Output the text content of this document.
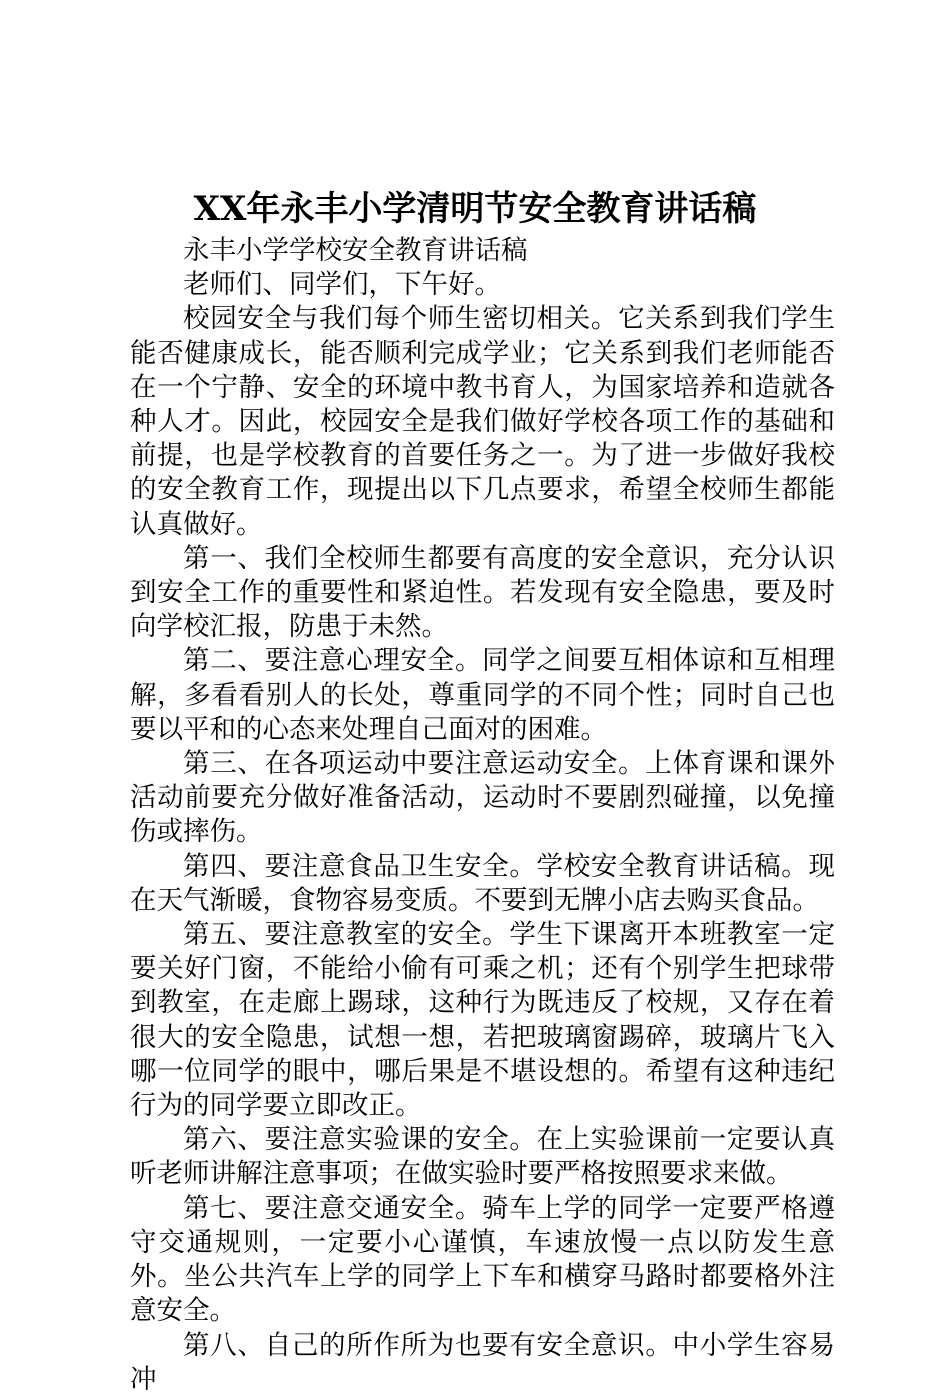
XX年永丰小学清明节安全教育讲话稿

永丰小学学校安全教育讲话稿

老师们、同学们，下午好。

校园安全与我们每个师生密切相关。它关系到我们学生能否健康成长，能否顺利完成学业；它关系到我们老师能否在一个宁静、安全的环境中教书育人，为国家培养和造就各种人才。因此，校园安全是我们做好学校各项工作的基础和前提，也是学校教育的首要任务之一。为了进一步做好我校的安全教育工作，现提出以下几点要求，希望全校师生都能认真做好。

第一、我们全校师生都要有高度的安全意识，充分认识到安全工作的重要性和紧迫性。若发现有安全隐患，要及时向学校汇报，防患于未然。

第二、要注意心理安全。同学之间要互相体谅和互相理解，多看看别人的长处，尊重同学的不同个性；同时自己也要以平和的心态来处理自己面对的困难。

第三、在各项运动中要注意运动安全。上体育课和课外活动前要充分做好准备活动，运动时不要剧烈碰撞，以免撞伤或摔伤。

第四、要注意食品卫生安全。学校安全教育讲话稿。现在天气渐暖，食物容易变质。不要到无牌小店去购买食品。

第五、要注意教室的安全。学生下课离开本班教室一定要关好门窗，不能给小偷有可乘之机；还有个别学生把球带到教室，在走廊上踢球，这种行为既违反了校规，又存在着很大的安全隐患，试想一想，若把玻璃窗踢碎，玻璃片飞入哪一位同学的眼中，哪后果是不堪设想的。希望有这种违纪行为的同学要立即改正。

第六、要注意实验课的安全。在上实验课前一定要认真听老师讲解注意事项；在做实验时要严格按照要求来做。

第七、要注意交通安全。骑车上学的同学一定要严格遵守交通规则，一定要小心谨慎，车速放慢一点以防发生意外。坐公共汽车上学的同学上下车和横穿马路时都要格外注意安全。

第八、自己的所作所为也要有安全意识。中小学生容易冲
